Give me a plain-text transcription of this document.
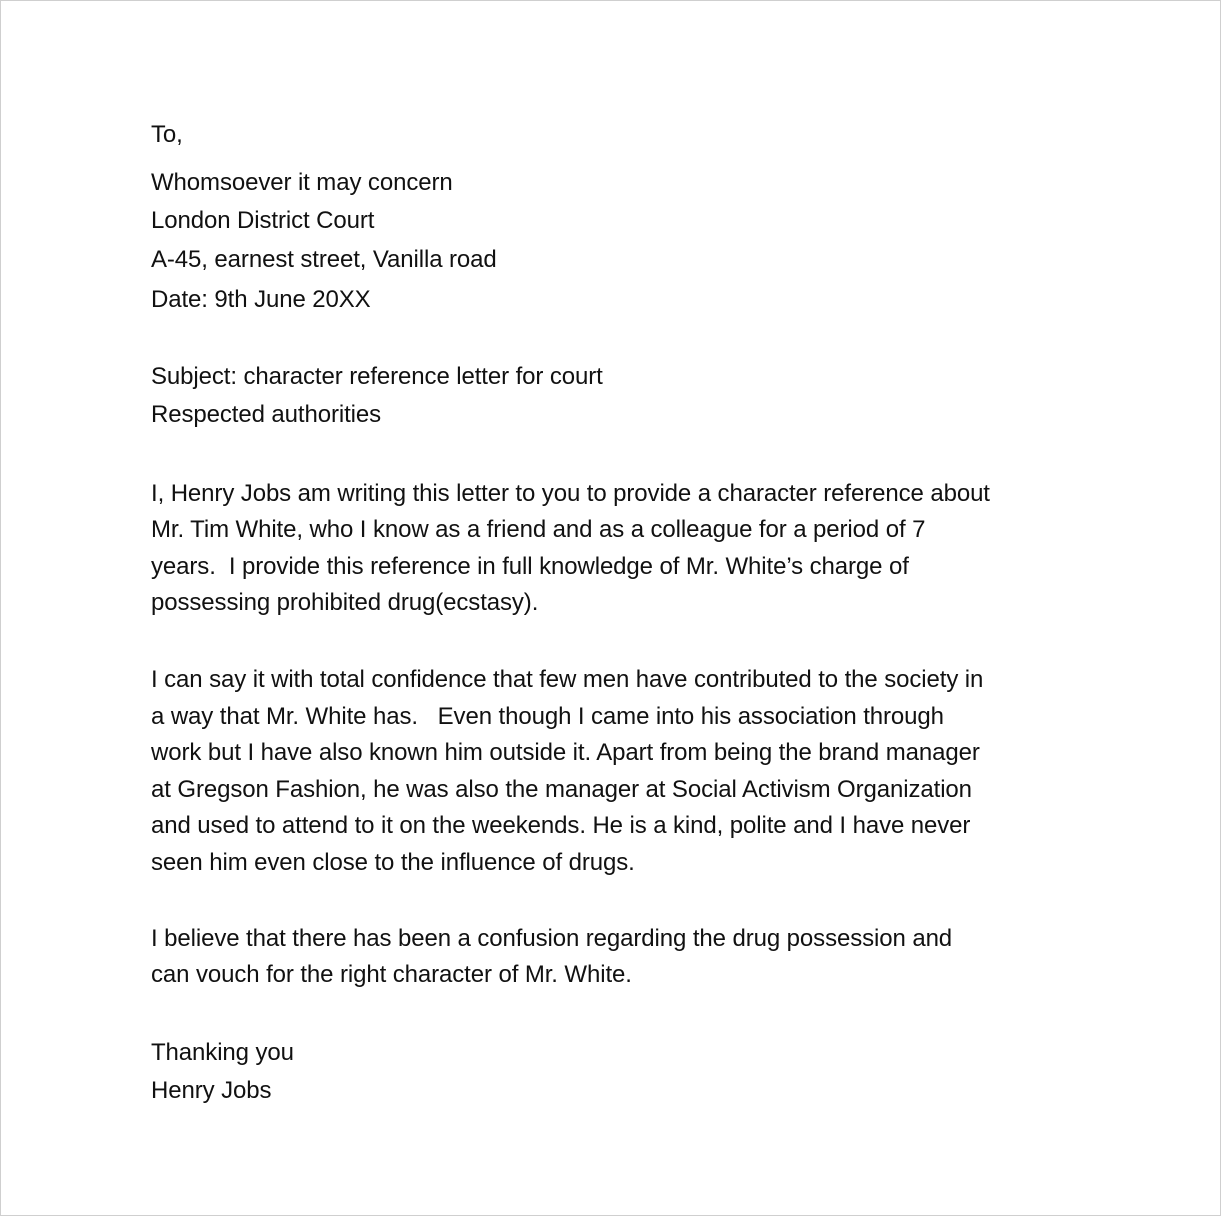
To,
Whomsoever it may concern
London District Court
A-45, earnest street, Vanilla road
Date: 9th June 20XX
Subject: character reference letter for court
Respected authorities
I, Henry Jobs am writing this letter to you to provide a character reference about
Mr. Tim White, who I know as a friend and as a colleague for a period of 7
years.  I provide this reference in full knowledge of Mr. White’s charge of
possessing prohibited drug(ecstasy).
I can say it with total confidence that few men have contributed to the society in
a way that Mr. White has.   Even though I came into his association through
work but I have also known him outside it. Apart from being the brand manager
at Gregson Fashion, he was also the manager at Social Activism Organization
and used to attend to it on the weekends. He is a kind, polite and I have never
seen him even close to the influence of drugs.
I believe that there has been a confusion regarding the drug possession and
can vouch for the right character of Mr. White.
Thanking you
Henry Jobs
